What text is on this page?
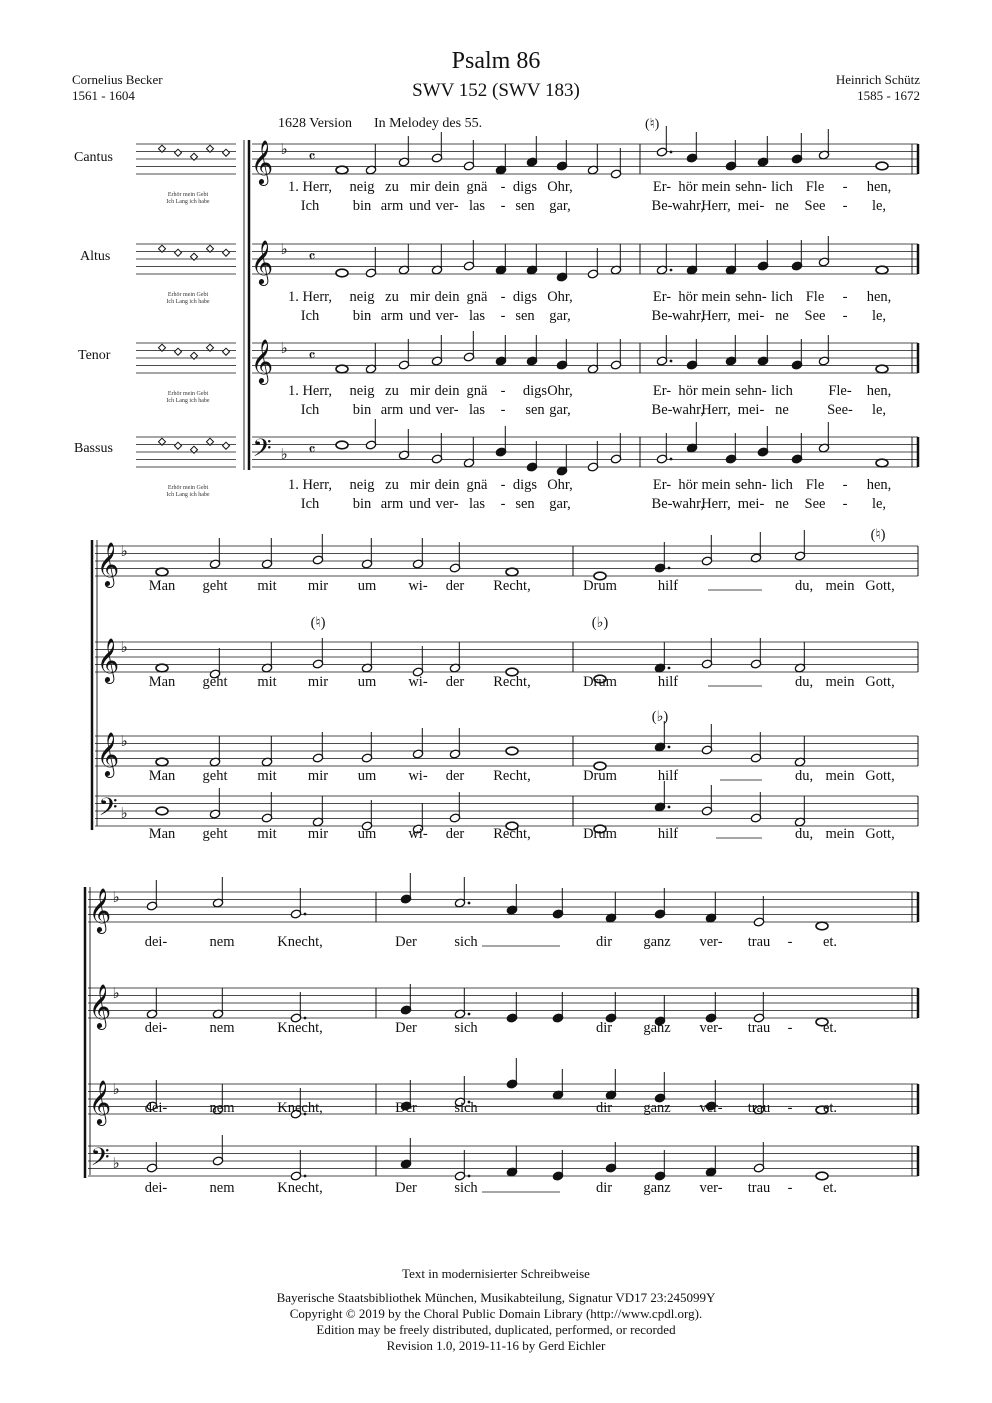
Psalm 86
SWV 152 (SWV 183)
Cornelius Becker
1561 - 1604
Heinrich Schütz
1585 - 1672
1628 Version In Melodey des 55.	(♮)
Cantus
Altus
Tenor
Bassus
𝄞 ♭ 𝄴
𝄞 ♭ 𝄴
𝄞 ♭ 𝄴
𝄢 ♭ 𝄴
𝄞 ♭
𝄞 ♭
𝄞 ♭
𝄢 ♭
𝄞 ♭
𝄞 ♭
𝄞 ♭
𝄢 ♭
Erhör mein Gebt
Ich Lang ich habe
Erhör mein Gebt
Ich Lang ich habe
Erhör mein Gebt
Ich Lang ich habe
Erhör mein Gebt
Ich Lang ich habe
1. Herr, neig zu mir dein gnä - digs Ohr,	Er- hör mein sehn- lich Fle - hen,
Ich bin arm und ver- las - sen gar,	Be- wahr,
Herr, mei- ne See - le,
1. Herr, neig zu mir dein gnä - digs Ohr,	Er- hör mein sehn- lich Fle - hen,
Ich bin arm und ver- las - sen gar,	Be- wahr,
Herr, mei- ne See - le,
1. Herr, neig zu mir dein gnä - digs Ohr,	Er- hör mein sehn- lich Fle- hen,
Ich bin arm und ver- las - sen gar,	Be- wahr,
Herr, mei- ne	See- le,
1. Herr, neig zu mir dein gnä - digs Ohr,	Er- hör mein sehn- lich Fle - hen,
Ich bin arm und ver- las - sen gar,	Be- wahr,
Herr, mei- ne See - le,
Man geht mit mir um wi- der Recht,	Drum	hilf	du, mein Gott,
Man geht mit mir um wi- der Recht,	Drum	hilf	du, mein Gott,
Man geht mit mir um wi- der Recht,	Drum	hilf	du, mein Gott,
Man geht mit mir um wi- der Recht,	Drum	hilf	du, mein Gott,
(♮)
(♮)	(♭)
(♭)
dei-	nem	Knecht,	Der	sich	dir ganz ver- trau - et.
dei-	nem	Knecht,	Der	sich	dir ganz ver- trau - et.
dei-	nem	Knecht,	Der	sich	dir ganz ver- trau - et.
dei-	nem	Knecht,	Der	sich	dir ganz ver- trau - et.
Text in modernisierter Schreibweise
Bayerische Staatsbibliothek München, Musikabteilung, Signatur VD17 23:245099Y
Copyright © 2019 by the Choral Public Domain Library (http://www.cpdl.org).
Edition may be freely distributed, duplicated, performed, or recorded
Revision 1.0, 2019-11-16 by Gerd Eichler
